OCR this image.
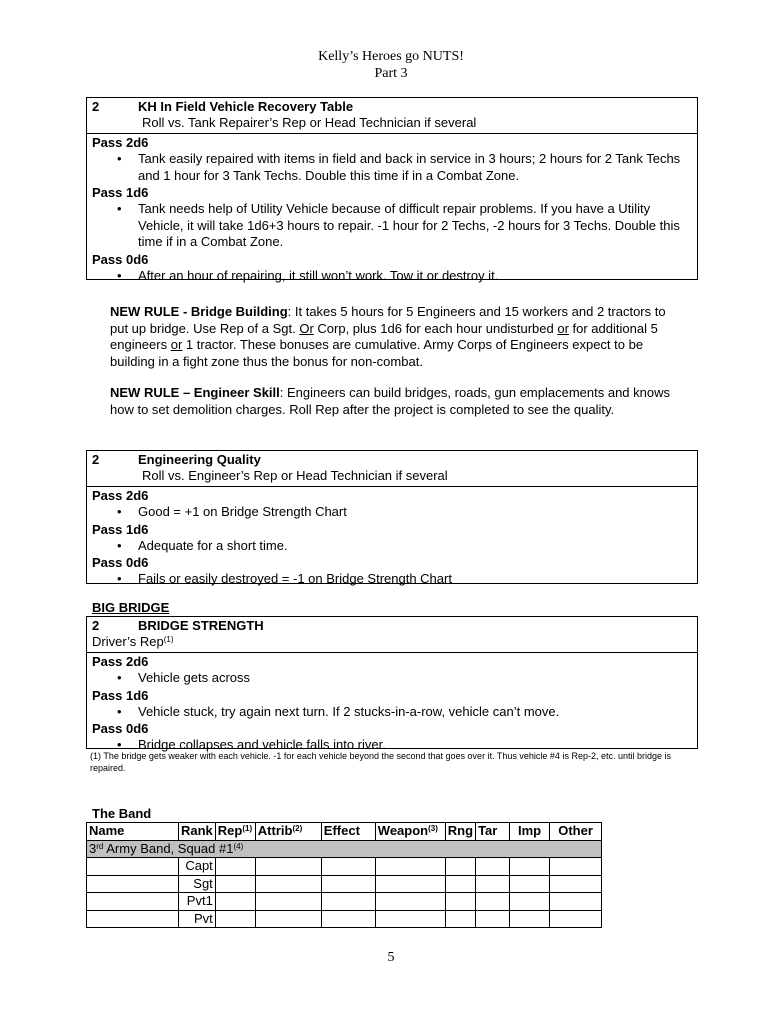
Kelly’s Heroes go NUTS!
Part 3
2	KH In Field Vehicle Recovery Table
Roll vs. Tank Repairer’s Rep or Head Technician if several
Pass 2d6
• Tank easily repaired with items in field and back in service in 3 hours; 2 hours for 2 Tank Techs and 1 hour for 3 Tank Techs. Double this time if in a Combat Zone.
Pass 1d6
• Tank needs help of Utility Vehicle because of difficult repair problems. If you have a Utility Vehicle, it will take 1d6+3 hours to repair. -1 hour for 2 Techs, -2 hours for 3 Techs. Double this time if in a Combat Zone.
Pass 0d6
• After an hour of repairing, it still won’t work. Tow it or destroy it.
NEW RULE - Bridge Building: It takes 5 hours for 5 Engineers and 15 workers and 2 tractors to put up bridge. Use Rep of a Sgt. Or Corp, plus 1d6 for each hour undisturbed or for additional 5 engineers or 1 tractor. These bonuses are cumulative. Army Corps of Engineers expect to be building in a fight zone thus the bonus for non-combat.
NEW RULE – Engineer Skill: Engineers can build bridges, roads, gun emplacements and knows how to set demolition charges. Roll Rep after the project is completed to see the quality.
2	Engineering Quality
Roll vs. Engineer’s Rep or Head Technician if several
Pass 2d6
• Good = +1 on Bridge Strength Chart
Pass 1d6
• Adequate for a short time.
Pass 0d6
• Fails or easily destroyed = -1 on Bridge Strength Chart
BIG BRIDGE
2	BRIDGE STRENGTH
Driver’s Rep$^{(1)}$
Pass 2d6
• Vehicle gets across
Pass 1d6
• Vehicle stuck, try again next turn. If 2 stucks-in-a-row, vehicle can’t move.
Pass 0d6
• Bridge collapses and vehicle falls into river.
(1) The bridge gets weaker with each vehicle. -1 for each vehicle beyond the second that goes over it. Thus vehicle #4 is Rep-2, etc. until bridge is repaired.
The Band
Name	Rank	Rep$^{(1)}$	Attrib$^{(2)}$	Effect	Weapon$^{(3)}$	Rng	Tar	Imp	Other
3rd Army Band, Squad #1$^{(4)}$
	Capt								
	Sgt								
	Pvt1								
	Pvt								
5
